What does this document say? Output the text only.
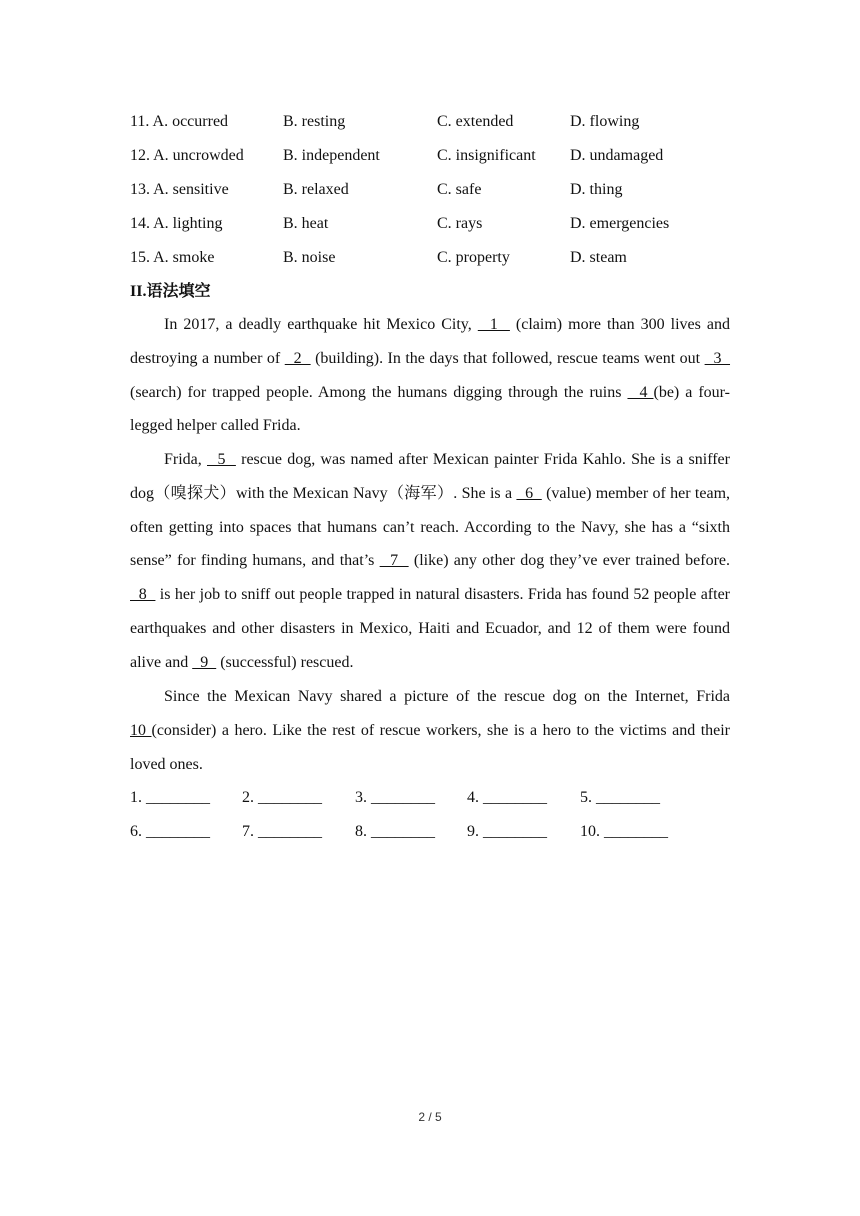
11. A. occurred	B. resting	C. extended	D. flowing
12. A. uncrowded B. independent	C. insignificant D. undamaged
13. A. sensitive	B. relaxed	C. safe	D. thing
14. A. lighting	B. heat	C. rays	D. emergencies
15. A. smoke	B. noise	C. property	D. steam
II.语法填空

In 2017, a deadly earthquake hit Mexico City,   1   (claim) more than 300 lives and destroying a number of   2   (building). In the days that followed, rescue teams went out   3   (search) for trapped people. Among the humans digging through the ruins   4 (be) a four-legged helper called Frida.

Frida,   5   rescue dog, was named after Mexican painter Frida Kahlo. She is a sniffer dog（嗅探犬）with the Mexican Navy（海军）. She is a   6   (value) member of her team, often getting into spaces that humans can’t reach. According to the Navy, she has a “sixth sense” for finding humans, and that’s   7   (like) any other dog they’ve ever trained before.   8   is her job to sniff out people trapped in natural disasters. Frida has found 52 people after earthquakes and other disasters in Mexico, Haiti and Ecuador, and 12 of them were found alive and   9   (successful) rescued.

Since the Mexican Navy shared a picture of the rescue dog on the Internet, Frida 10 (consider) a hero. Like the rest of rescue workers, she is a hero to the victims and their loved ones.

1. ________ 2. ________ 3. ________ 4. ________ 5. ________
6. ________ 7. ________ 8. ________ 9. ________ 10. ________
2 / 5
